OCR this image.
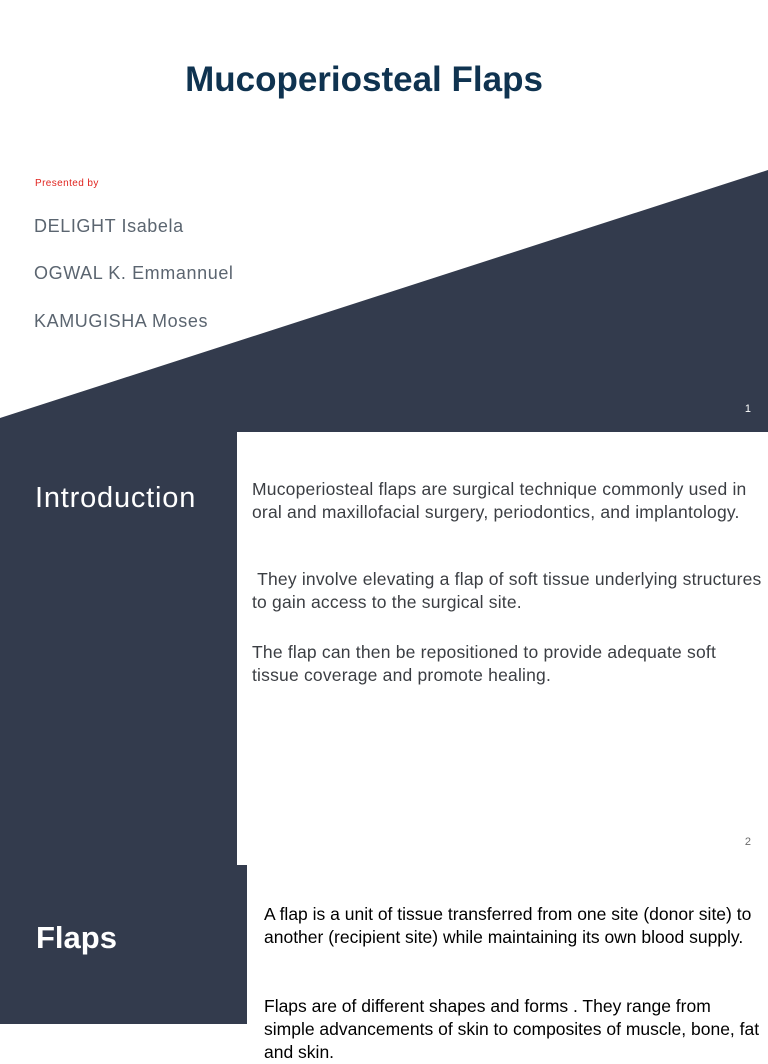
Mucoperiosteal Flaps
Presented by
DELIGHT Isabela
OGWAL K. Emmannuel
KAMUGISHA Moses
1
Introduction	Mucoperiosteal flaps are surgical technique commonly used in oral and maxillofacial surgery, periodontics, and implantology.

They involve elevating a flap of soft tissue underlying structures to gain access to the surgical site.

The flap can then be repositioned to provide adequate soft tissue coverage and promote healing.

2
Flaps

A flap is a unit of tissue transferred from one site (donor site) to another (recipient site) while maintaining its own blood supply.

Flaps are of different shapes and forms . They range from simple advancements of skin to composites of muscle, bone, fat and skin.
